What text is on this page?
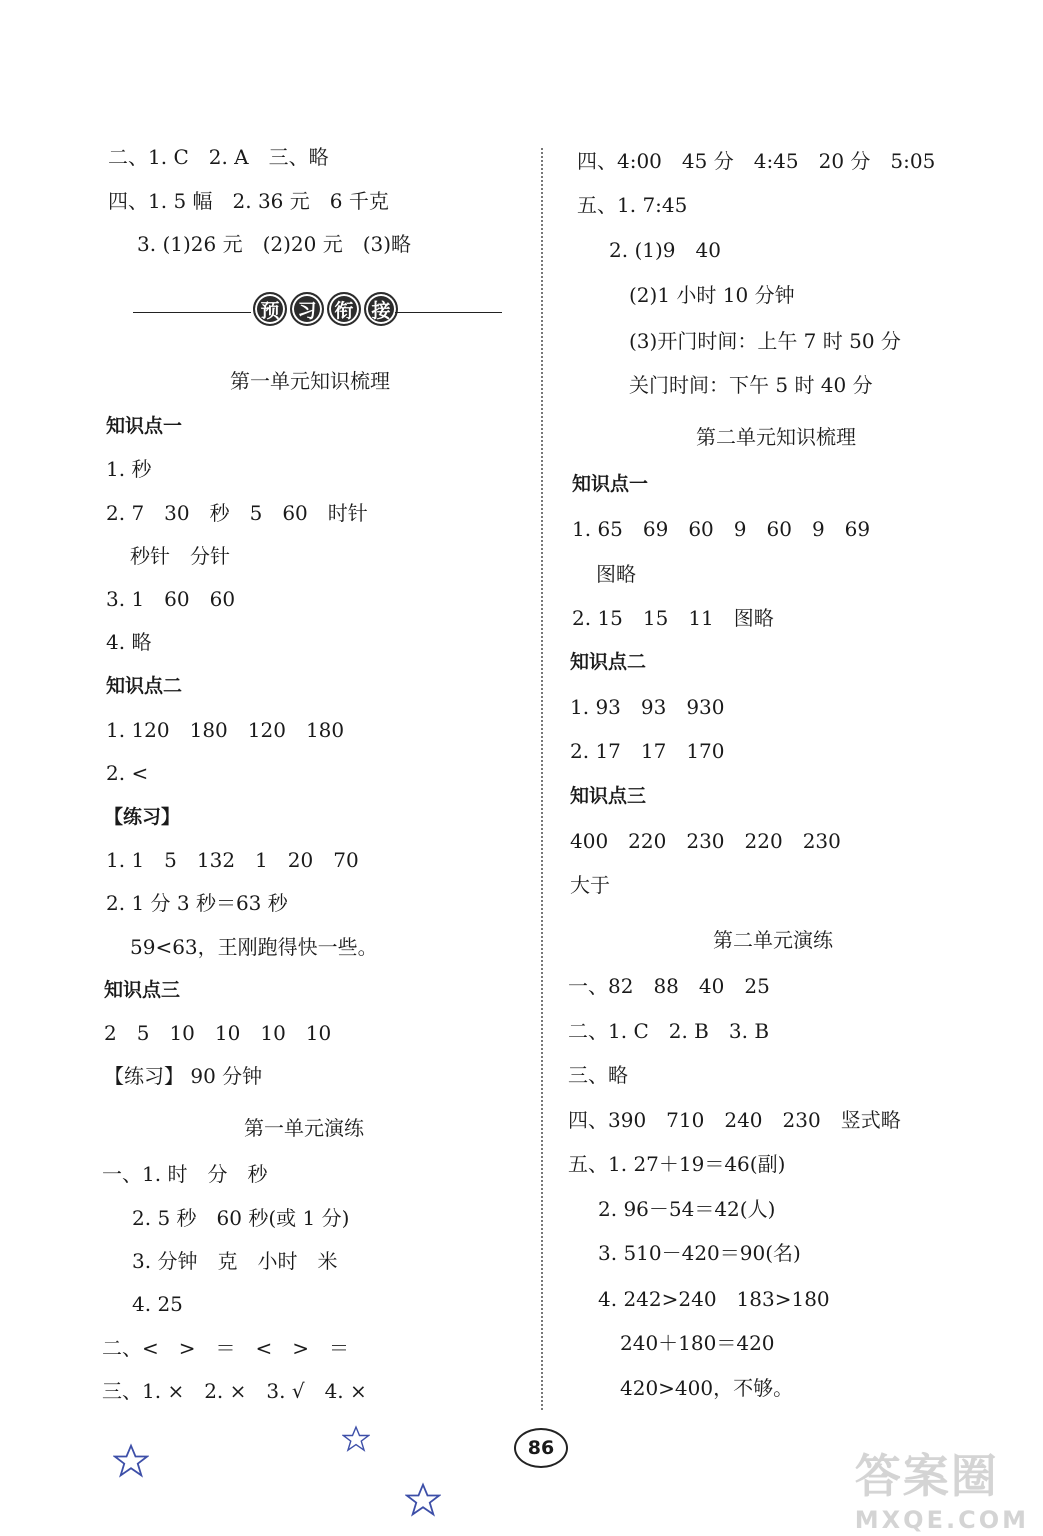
二、1. C　2. A　三、略
四、1. 5 幅　2. 36 元　6 千克
3. (1)26 元　(2)20 元　(3)略
预 习 衔 接
第一单元知识梳理
知识点一
1. 秒
2. 7　30　秒　5　60　时针
秒针　分针
3. 1　60　60
4. 略
知识点二
1. 120　180　120　180
2. <
【练习】
1. 1　5　132　1　20　70
2. 1 分 3 秒＝63 秒
59<63，王刚跑得快一些。
知识点三
2　5　10　10　10　10
【练习】 90 分钟
第一单元演练
一、1. 时　分　秒
2. 5 秒　60 秒(或 1 分)
3. 分钟　克　小时　米
4. 25
二、<　>　＝　<　>　＝
三、1. ×　2. ×　3. √　4. ×
四、4:00　45 分　4:45　20 分　5:05
五、1. 7:45
2. (1)9　40
(2)1 小时 10 分钟
(3)开门时间：上午 7 时 50 分
关门时间：下午 5 时 40 分
第二单元知识梳理
知识点一
1. 65　69　60　9　60　9　69
图略
2. 15　15　11　图略
知识点二
1. 93　93　930
2. 17　17　170
知识点三
400　220　230　220　230
大于
第二单元演练
一、82　88　40　25
二、1. C　2. B　3. B
三、略
四、390　710　240　230　竖式略
五、1. 27＋19＝46(副)
2. 96－54＝42(人)
3. 510－420＝90(名)
4. 242>240　183>180
240＋180＝420
420>400，不够。
86
答案圈
MXQE.COM
